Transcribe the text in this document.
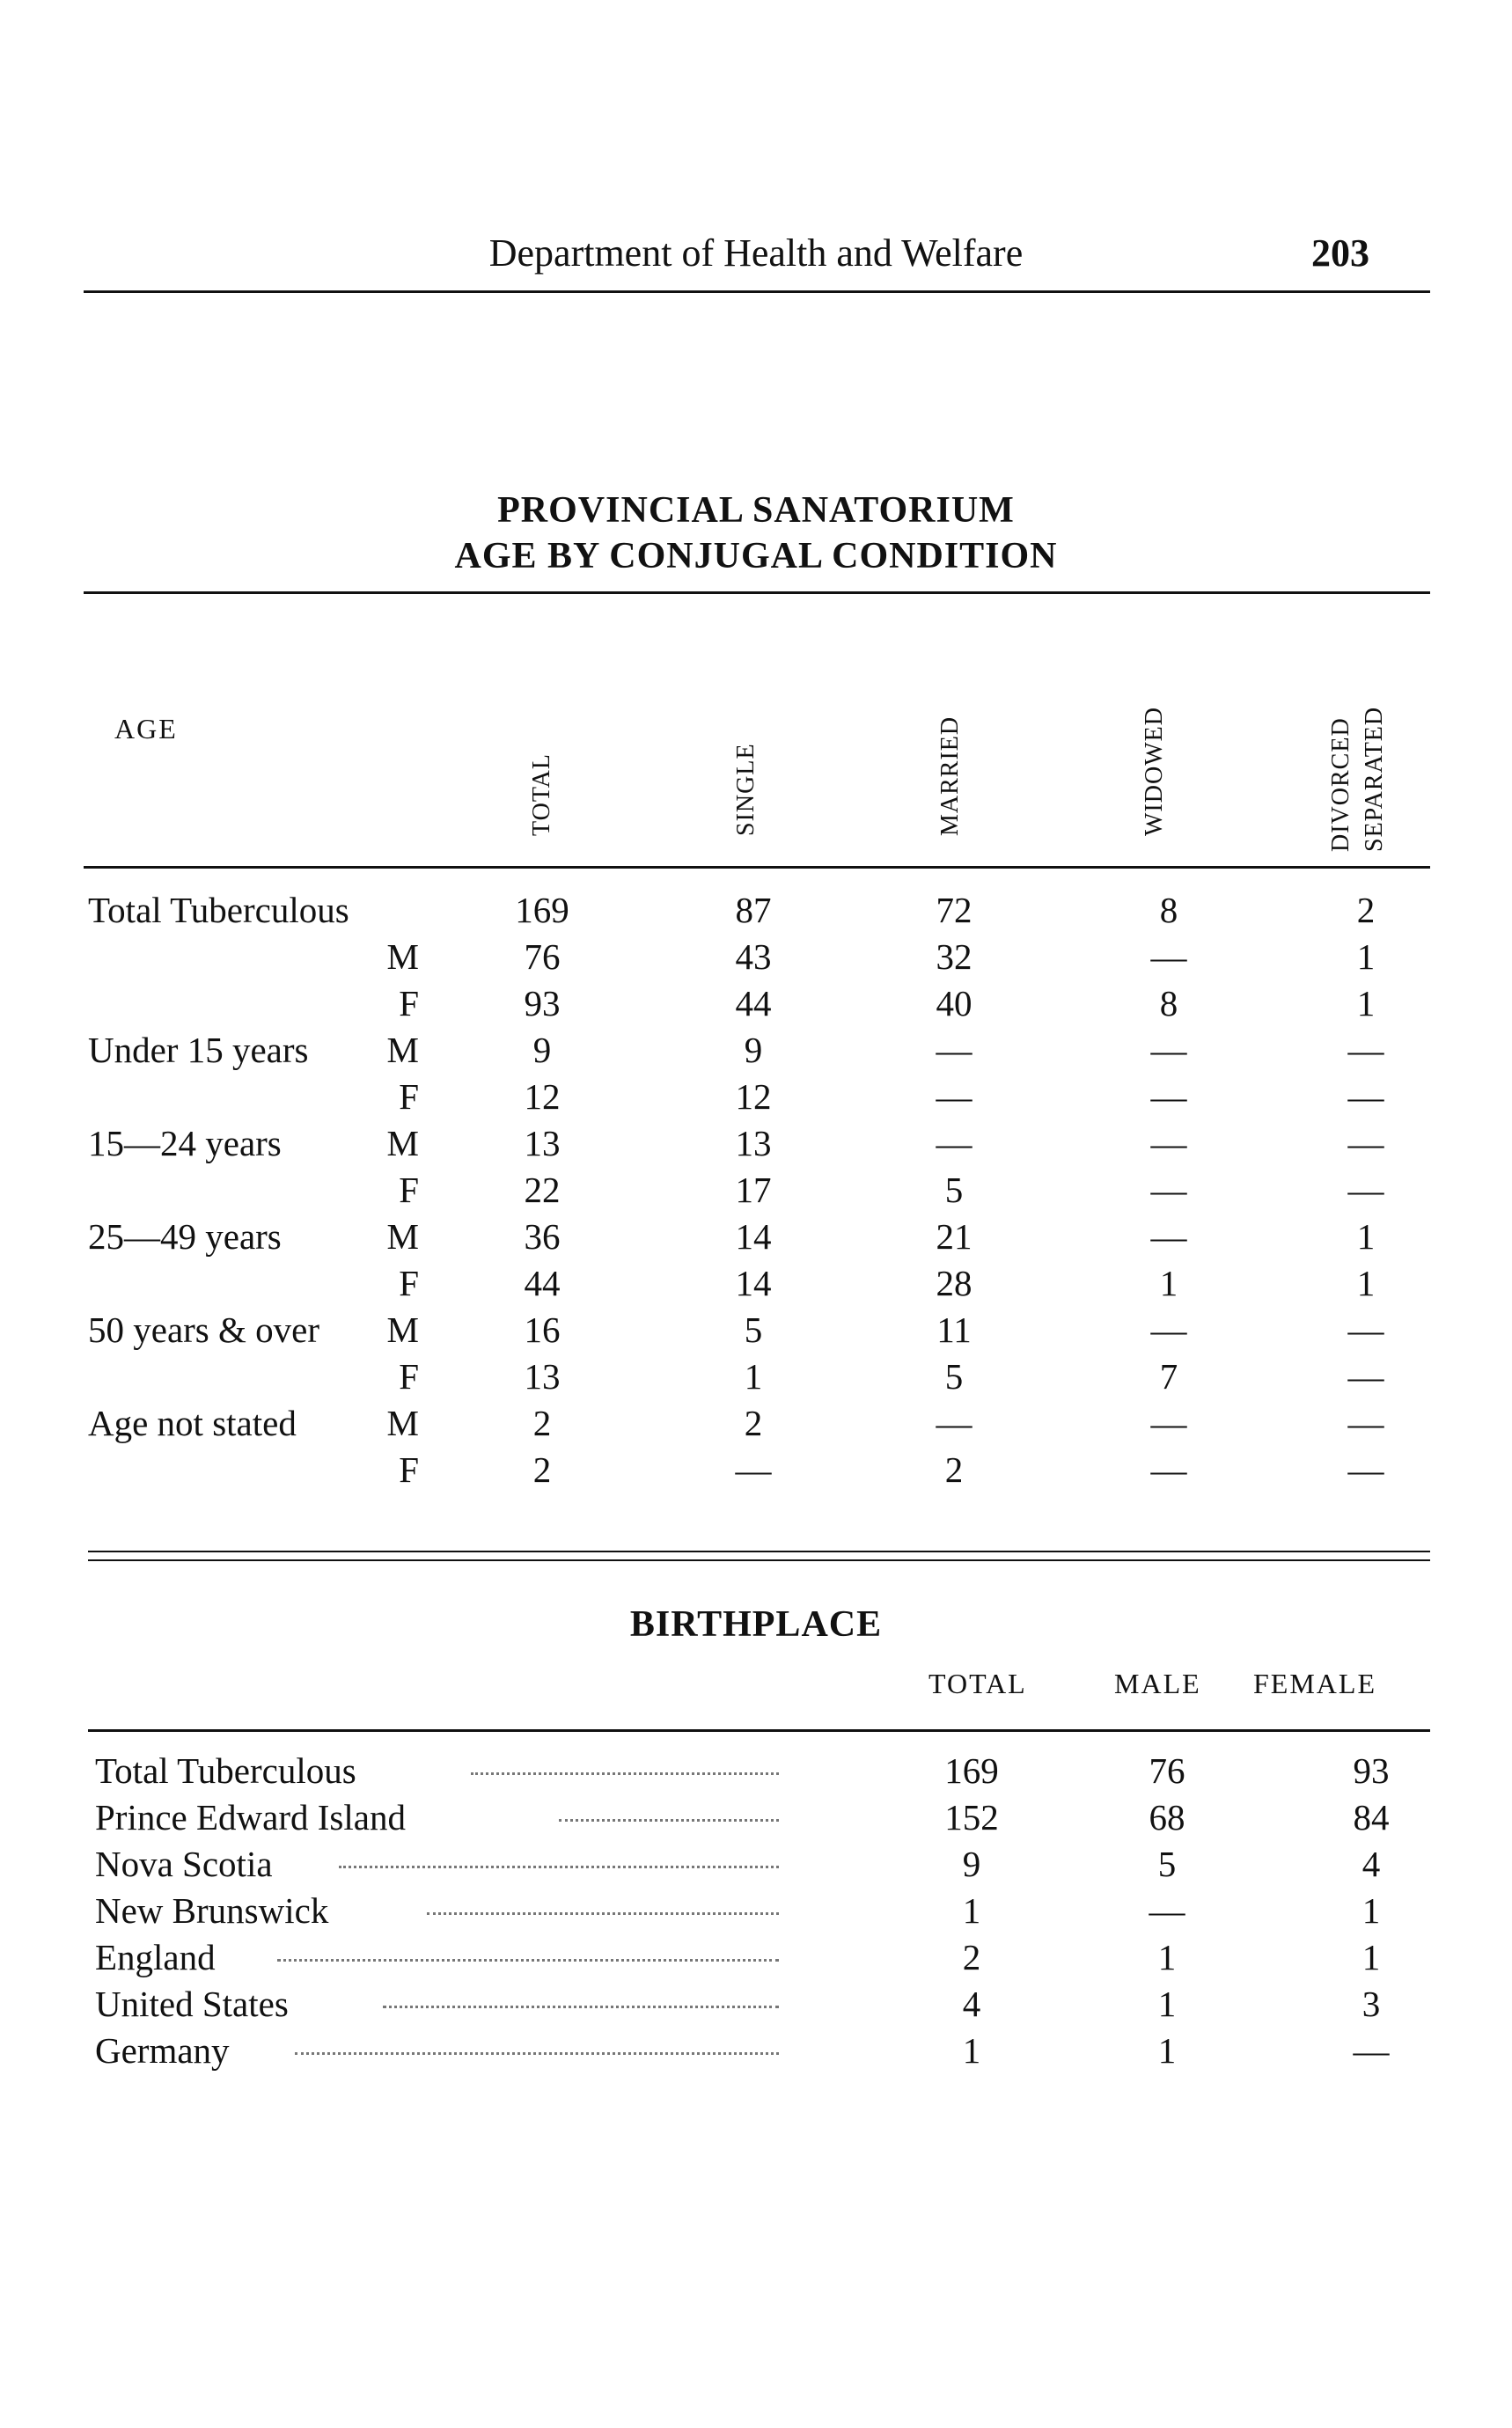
Department of Health and Welfare	203
PROVINCIAL SANATORIUM
AGE BY CONJUGAL CONDITION
AGE
TOTAL	SINGLE	MARRIED	WIDOWED	DIVORCED SEPARATED
Total Tuberculous	169	87	72	8	2
M	76	43	32	—	1
F	93	44	40	8	1
Under 15 years	M	9	9	—	—	—
F	12	12	—	—	—
15—24 years	M	13	13	—	—	—
F	22	17	5	—	—
25—49 years	M	36	14	21	—	1
F	44	14	28	1	1
50 years & over	M	16	5	11	—	—
F	13	1	5	7	—
Age not stated	M	2	2	—	—	—
F	2	—	2	—	—
BIRTHPLACE
TOTAL	MALE FEMALE
Total Tuberculous	169	76	93
Prince Edward Island	152	68	84
Nova Scotia	9	5	4
New Brunswick	1	—	1
England	2	1	1
United States	4	1	3
Germany	1	1	—
